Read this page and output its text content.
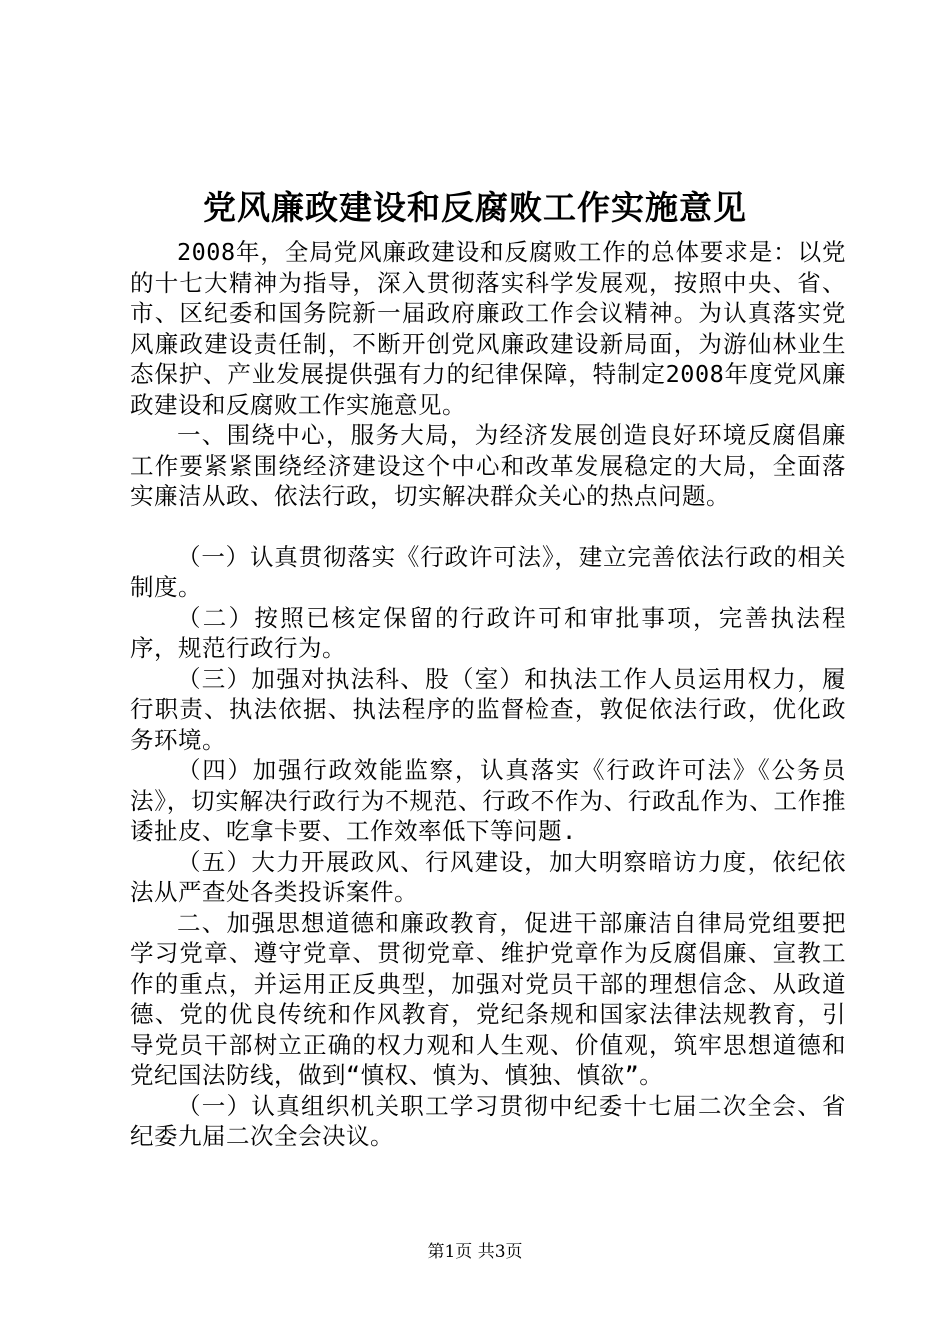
党风廉政建设和反腐败工作实施意见

2008年，全局党风廉政建设和反腐败工作的总体要求是：以党的十七大精神为指导，深入贯彻落实科学发展观，按照中央、省、市、区纪委和国务院新一届政府廉政工作会议精神。为认真落实党风廉政建设责任制，不断开创党风廉政建设新局面，为游仙林业生态保护、产业发展提供强有力的纪律保障，特制定2008年度党风廉政建设和反腐败工作实施意见。

一、围绕中心，服务大局，为经济发展创造良好环境反腐倡廉工作要紧紧围绕经济建设这个中心和改革发展稳定的大局，全面落实廉洁从政、依法行政，切实解决群众关心的热点问题。

（一）认真贯彻落实《行政许可法》，建立完善依法行政的相关制度。

（二）按照已核定保留的行政许可和审批事项，完善执法程序，规范行政行为。

（三）加强对执法科、股（室）和执法工作人员运用权力，履行职责、执法依据、执法程序的监督检查，敦促依法行政，优化政务环境。

（四）加强行政效能监察，认真落实《行政许可法》《公务员法》，切实解决行政行为不规范、行政不作为、行政乱作为、工作推诿扯皮、吃拿卡要、工作效率低下等问题.

（五）大力开展政风、行风建设，加大明察暗访力度，依纪依法从严查处各类投诉案件。

二、加强思想道德和廉政教育，促进干部廉洁自律局党组要把学习党章、遵守党章、贯彻党章、维护党章作为反腐倡廉、宣教工作的重点，并运用正反典型，加强对党员干部的理想信念、从政道德、党的优良传统和作风教育，党纪条规和国家法律法规教育，引导党员干部树立正确的权力观和人生观、价值观，筑牢思想道德和党纪国法防线，做到“慎权、慎为、慎独、慎欲”。

（一）认真组织机关职工学习贯彻中纪委十七届二次全会、省纪委九届二次全会决议。

第1页 共3页
